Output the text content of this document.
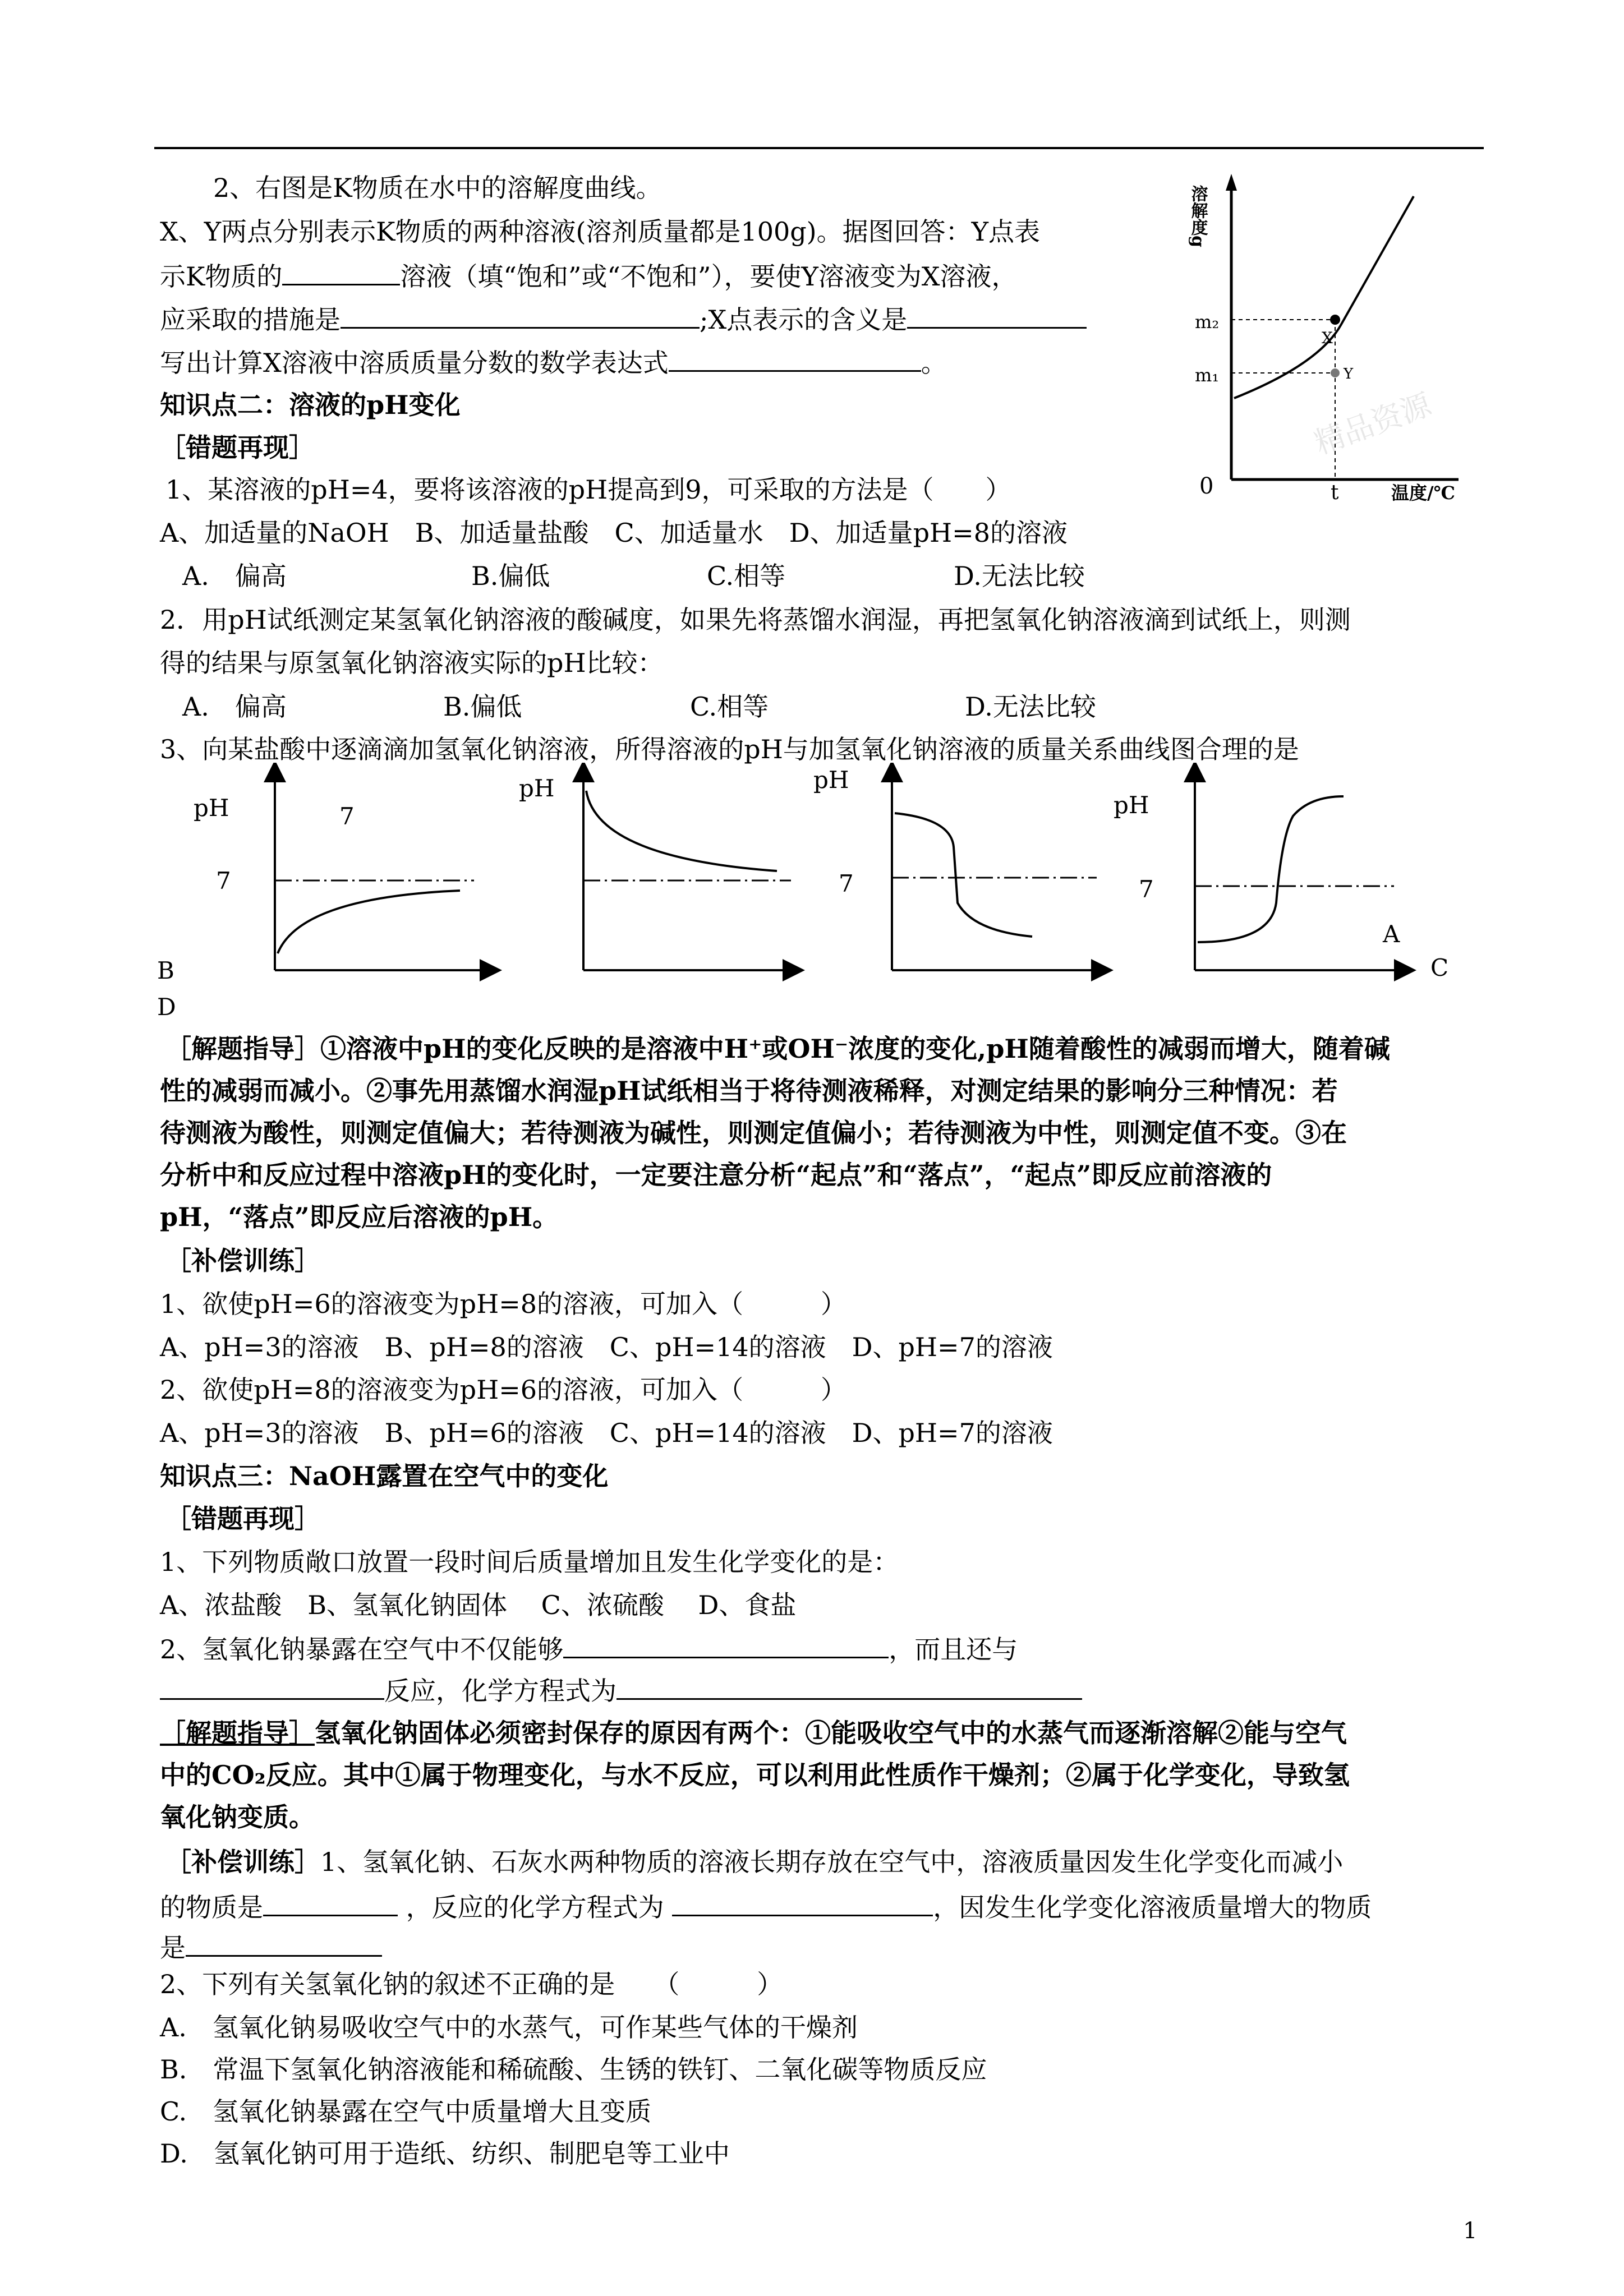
2、右图是K物质在水中的溶解度曲线。
X、Y两点分别表示K物质的两种溶液(溶剂质量都是100g)。据图回答：Y点表
示K物质的	溶液（填“饱和”或“不饱和”），要使Y溶液变为X溶液，
应采取的措施是	;X点表示的含义是
写出计算X溶液中溶质质量分数的数学表达式	。
溶解度g
精品资源
m₂
m₁
X
Y
0	t	温度/℃
知识点二：溶液的pH变化
［错题再现］
1、某溶液的pH=4，要将该溶液的pH提高到9，可采取的方法是（　　）
A、加适量的NaOH　B、加适量盐酸　C、加适量水　D、加适量pH=8的溶液
A.　偏高	B.偏低	C.相等	D.无法比较
2．用pH试纸测定某氢氧化钠溶液的酸碱度，如果先将蒸馏水润湿，再把氢氧化钠溶液滴到试纸上，则测
得的结果与原氢氧化钠溶液实际的pH比较：
A.　偏高	B.偏低	C.相等	D.无法比较
3、向某盐酸中逐滴滴加氢氧化钠溶液，所得溶液的pH与加氢氧化钠溶液的质量关系曲线图合理的是
pH	7
7
pH	pH
7
pH
7
A
C
B
D
［解题指导］①溶液中pH的变化反映的是溶液中H⁺或OH⁻浓度的变化,pH随着酸性的减弱而增大，随着碱
性的减弱而减小。②事先用蒸馏水润湿pH试纸相当于将待测液稀释，对测定结果的影响分三种情况：若
待测液为酸性，则测定值偏大；若待测液为碱性，则测定值偏小；若待测液为中性，则测定值不变。③在
分析中和反应过程中溶液pH的变化时，一定要注意分析“起点”和“落点”，“起点”即反应前溶液的
pH，“落点”即反应后溶液的pH。
［补偿训练］
1、欲使pH=6的溶液变为pH=8的溶液，可加入（　　　）
A、pH=3的溶液　B、pH=8的溶液　C、pH=14的溶液　D、pH=7的溶液
2、欲使pH=8的溶液变为pH=6的溶液，可加入（　　　）
A、pH=3的溶液　B、pH=6的溶液　C、pH=14的溶液　D、pH=7的溶液
知识点三：NaOH露置在空气中的变化
［错题再现］
1、下列物质敞口放置一段时间后质量增加且发生化学变化的是：
A、浓盐酸　B、氢氧化钠固体　 C、浓硫酸　 D、食盐
2、氢氧化钠暴露在空气中不仅能够	，而且还与
反应，化学方程式为
［解题指导］氢氧化钠固体必须密封保存的原因有两个：①能吸收空气中的水蒸气而逐渐溶解②能与空气
中的CO₂反应。其中①属于物理变化，与水不反应，可以利用此性质作干燥剂；②属于化学变化，导致氢
氧化钠变质。
［补偿训练］1、氢氧化钠、石灰水两种物质的溶液长期存放在空气中，溶液质量因发生化学变化而减小
的物质是	，反应的化学方程式为	，因发生化学变化溶液质量增大的物质
是
2、下列有关氢氧化钠的叙述不正确的是　　（　　　）
A.　氢氧化钠易吸收空气中的水蒸气，可作某些气体的干燥剂
B.　常温下氢氧化钠溶液能和稀硫酸、生锈的铁钉、二氧化碳等物质反应
C.　氢氧化钠暴露在空气中质量增大且变质
D.　氢氧化钠可用于造纸、纺织、制肥皂等工业中
1
